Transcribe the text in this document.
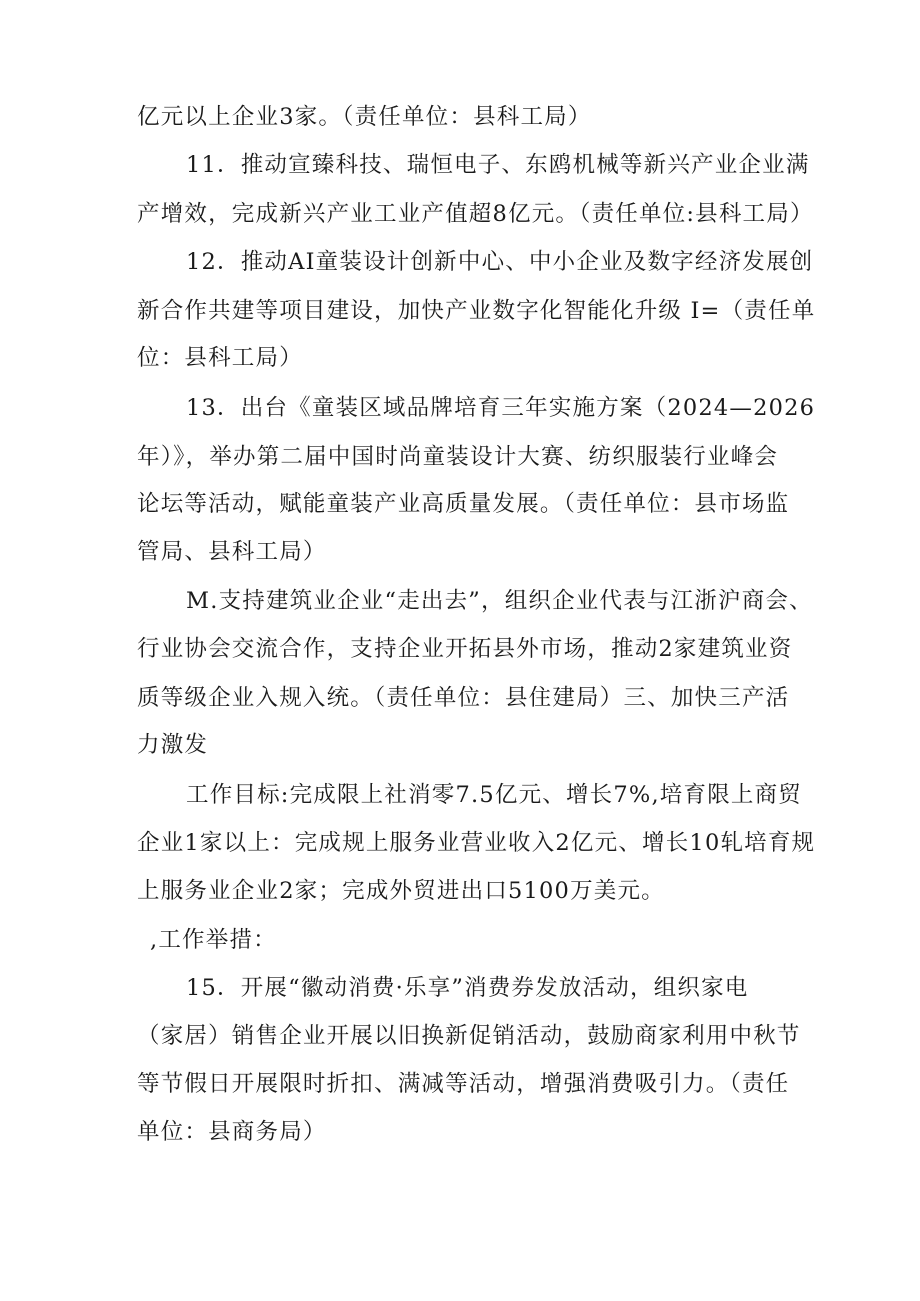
亿元以上企业3家。（责任单位：县科工局）
11．推动宣臻科技、瑞恒电子、东鸥机械等新兴产业企业满
产增效，完成新兴产业工业产值超8亿元。（责任单位:县科工局）
12．推动AI童装设计创新中心、中小企业及数字经济发展创
新合作共建等项目建设，加快产业数字化智能化升级 I=（责任单
位：县科工局）
13．出台《童装区域品牌培育三年实施方案（2024—2026
年）》，举办第二届中国时尚童装设计大赛、纺织服装行业峰会
论坛等活动，赋能童装产业高质量发展。（责任单位：县市场监
管局、县科工局）
M.支持建筑业企业“走出去”，组织企业代表与江浙沪商会、
行业协会交流合作，支持企业开拓县外市场，推动2家建筑业资
质等级企业入规入统。（责任单位：县住建局）三、加快三产活
力激发
工作目标:完成限上社消零7.5亿元、增长7%,培育限上商贸
企业1家以上：完成规上服务业营业收入2亿元、增长10轧培育规
上服务业企业2家；完成外贸进出口5100万美元。
,工作举措：
15．开展“徽动消费·乐享”消费券发放活动，组织家电
（家居）销售企业开展以旧换新促销活动，鼓励商家利用中秋节
等节假日开展限时折扣、满减等活动，增强消费吸引力。（责任
单位：县商务局）
